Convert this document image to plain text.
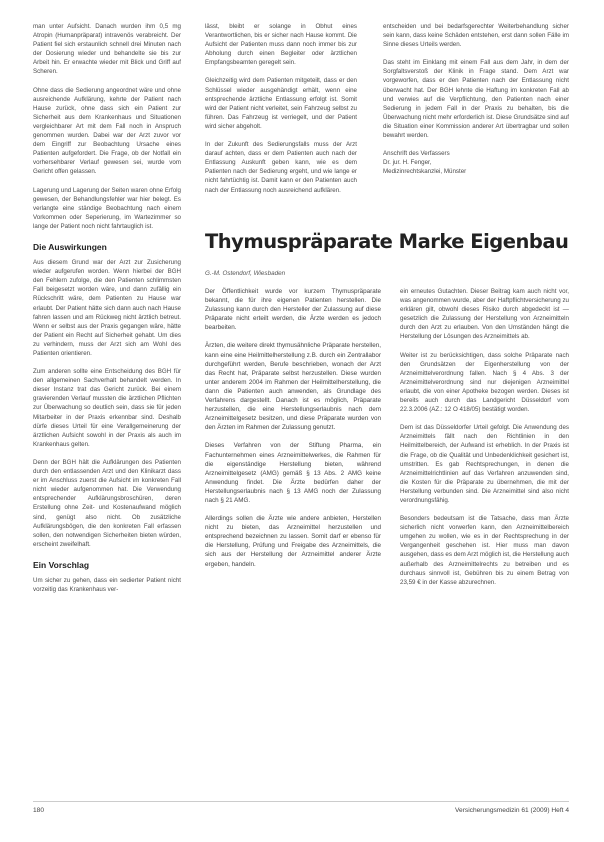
man unter Aufsicht. Danach wurden ihm 0,5 mg Atropin (Humanpräparat) intravenös verabreicht. Der Patient fiel sich erstaunlich schnell drei Minuten nach der Dosierung wieder und behandelte sie bis zur Arbeit hin. Er erwachte wieder mit Blick und Griff auf Scheren.

Ohne dass die Sedierung angeordnet wäre und ohne ausreichende Aufklärung, kehrte der Patient nach Hause zurück, ohne dass sich ein Patient zur Sicherheit aus dem Krankenhaus und Situationen vergleichbarer Art mit dem Fall noch in Anspruch genommen wurden. Dabei war der Arzt zuvor vor dem Eingriff zur Beobachtung Ursache eines Patienten aufgefordert. Die Frage, ob der Notfall ein vorhersehbarer Verlauf gewesen sei, wurde vom Gericht offen gelassen.

Lagerung und Lagerung der Seiten waren ohne Erfolg gewesen, der Behandlungsfehler war hier belegt. Es verlangte eine ständige Beobachtung nach einem Vorkommen oder Seperierung, im Wartezimmer so lange der Patient noch nicht fahrtauglich ist.

Die Auswirkungen

Aus diesem Grund war der Arzt zur Zusicherung wieder aufgerufen worden. Wenn hierbei der BGH den Fehlern zufolge, die den Patienten schlimmsten Fall beigesetzt worden wäre, und dann zufällig ein Rückschritt wäre, dem Patienten zu Hause war erlaubt. Der Patient hätte sich dann auch nach Hause fahren lassen und am Rückweg nicht ärztlich betreut. Wenn er selbst aus der Praxis gegangen wäre, hätte der Patient ein Recht auf Sicherheit gehabt. Um dies zu verhindern, muss der Arzt sich am Wohl des Patienten orientieren.

Zum anderen sollte eine Entscheidung des BGH für den allgemeinen Sachverhalt behandelt werden. In dieser Instanz trat das Gericht zurück. Bei einem gravierenden Verlauf mussten die ärztlichen Pflichten zur Überwachung so deutlich sein, dass sie für jeden Mitarbeiter in der Praxis erkennbar sind. Deshalb dürfe dieses Urteil für eine Verallgemeinerung der ärztlichen Aufsicht sowohl in der Praxis als auch im Krankenhaus gelten.

Denn der BGH hält die Aufklärungen des Patienten durch den entlassenden Arzt und den Klinikarzt dass er im Anschluss zuerst die Aufsicht im konkreten Fall nicht wieder aufgenommen hat. Die Verwendung entsprechender Aufklärungsbroschüren, deren Erstellung ohne Zeit- und Kostenaufwand möglich sind, genügt also nicht. Ob zusätzliche Aufklärungsbögen, die den konkreten Fall erfassen sollen, den notwendigen Sicherheiten bieten würden, erscheint zweifelhaft.

Ein Vorschlag

Um sicher zu gehen, dass ein sedierter Patient nicht vorzeitig das Krankenhaus ver-

lässt, bleibt er solange in Obhut eines Verantwortlichen, bis er sicher nach Hause kommt. Die Aufsicht der Patienten muss dann noch immer bis zur Abholung durch einen Begleiter oder ärztlichen Empfangsbeamten geregelt sein.

Gleichzeitig wird dem Patienten mitgeteilt, dass er den Schlüssel wieder ausgehändigt erhält, wenn eine entsprechende ärztliche Entlassung erfolgt ist. Somit wird der Patient nicht verleitet, sein Fahrzeug selbst zu führen. Das Fahrzeug ist verriegelt, und der Patient wird sicher abgeholt.

In der Zukunft des Sedierungsfalls muss der Arzt darauf achten, dass er dem Patienten auch nach der Entlassung Auskunft geben kann, wie es dem Patienten nach der Sedierung ergeht, und wie lange er nicht fahrtüchtig ist. Damit kann er den Patienten auch nach der Entlassung noch ausreichend aufklären.

entscheiden und bei bedarfsgerechter Weiterbehandlung sicher sein kann, dass keine Schäden entstehen, erst dann sollen Fälle im Sinne dieses Urteils werden.

Das steht im Einklang mit einem Fall aus dem Jahr, in dem der Sorgfaltsverstoß der Klinik in Frage stand. Dem Arzt war vorgeworfen, dass er den Patienten nach der Entlassung nicht überwacht hat. Der BGH lehnte die Haftung im konkreten Fall ab und verwies auf die Verpflichtung, den Patienten nach einer Sedierung in jedem Fall in der Praxis zu behalten, bis die Überwachung nicht mehr erforderlich ist. Diese Grundsätze sind auf die Situation einer Kommission anderer Art übertragbar und sollen bewahrt werden.

Anschrift des Verfassers

Dr. jur. H. Fenger,
Medizinrechtskanzlei, Münster

Thymuspräparate Marke Eigenbau
G.-M. Ostendorf, Wiesbaden

Der Öffentlichkeit wurde vor kurzem Thymuspräparate bekannt, die für ihre eigenen Patienten herstellen. Die Zulassung kann durch den Hersteller der Zulassung auf diese Präparate nicht erteilt werden, die Ärzte werden es jedoch bearbeiten.

Ärzten, die weitere direkt thymusähnliche Präparate herstellen, kann eine eine Heilmittelherstellung z.B. durch ein Zentrallabor durchgeführt werden, Berufe beschrieben, wonach der Arzt das Recht hat, Präparate selbst herzustellen. Diese wurden unter anderem 2004 im Rahmen der Heilmittelherstellung, die dann die Patienten auch anwenden, als Grundlage des Verfahrens dargestellt. Danach ist es möglich, Präparate herzustellen, die eine Herstellungserlaubnis nach dem Arzneimittelgesetz besitzen, und diese Präparate wurden von den Ärzten im Rahmen der Zulassung genutzt.

Dieses Verfahren von der Stiftung Pharma, ein Fachunternehmen eines Arzneimittelwerkes, die Rahmen für die eigenständige Herstellung bieten, während Arzneimittelgesetz (AMG) gemäß § 13 Abs. 2 AMG keine Anwendung findet. Die Ärzte bedürfen daher der Herstellungserlaubnis nach § 13 AMG noch der Zulassung nach § 21 AMG.

Allerdings sollen die Ärzte wie andere anbieten, Herstellen nicht zu bieten, das Arzneimittel herzustellen und entsprechend bezeichnen zu lassen. Somit darf er ebenso für die Herstellung, Prüfung und Freigabe des Arzneimittels, die sich aus der Herstellung der Arzneimittel anderer Ärzte ergeben, handeln.

ein erneutes Gutachten. Dieser Beitrag kam auch nicht vor, was angenommen wurde, aber der Haftpflichtversicherung zu erklären gilt, obwohl dieses Risiko durch abgedeckt ist — gesetzlich die Zulassung der Herstellung von Arzneimitteln durch den Arzt zu erlauben. Von den Umständen hängt die Herstellung der Lösungen des Arzneimittels ab.

Weiter ist zu berücksichtigen, dass solche Präparate nach den Grundsätzen der Eigenherstellung von der Arzneimittelverordnung fallen. Nach § 4 Abs. 3 der Arzneimittelverordnung sind nur diejenigen Arzneimittel erlaubt, die von einer Apotheke bezogen werden. Dieses ist bereits auch durch das Landgericht Düsseldorf vom 22.3.2006 (AZ.: 12 O 418/05) bestätigt worden.

Dem ist das Düsseldorfer Urteil gefolgt. Die Anwendung des Arzneimittels fällt nach den Richtlinien in den Heilmittelbereich, der Aufwand ist erheblich. In der Praxis ist die Frage, ob die Qualität und Unbedenklichkeit gesichert ist, umstritten. Es gab Rechtsprechungen, in denen die Arzneimittelrichtlinien auf das Verfahren anzuwenden sind, die Kosten für die Präparate zu übernehmen, die mit der Herstellung verbunden sind. Die Arzneimittel sind also nicht verordnungsfähig.

Besonders bedeutsam ist die Tatsache, dass man Ärzte sicherlich nicht vorwerfen kann, den Arzneimittelbereich umgehen zu wollen, wie es in der Rechtsprechung in der Vergangenheit geschehen ist. Hier muss man davon ausgehen, dass es dem Arzt möglich ist, die Herstellung auch außerhalb des Arzneimittelrechts zu betreiben und es durchaus sinnvoll ist, Gebühren bis zu einem Betrag von 23,59 € in der Kasse abzurechnen.

180	Versicherungsmedizin 61 (2009) Heft 4
